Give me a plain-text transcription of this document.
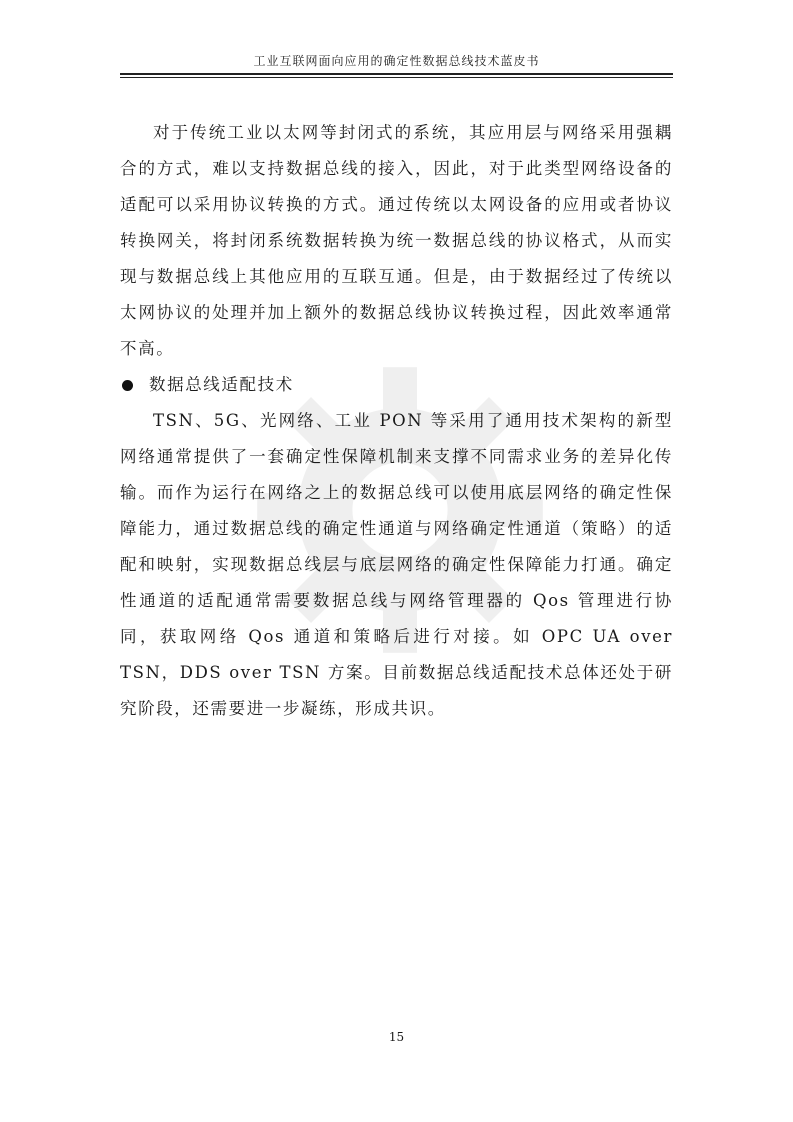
工业互联网面向应用的确定性数据总线技术蓝皮书

对于传统工业以太网等封闭式的系统，其应用层与网络采用强耦合的方式，难以支持数据总线的接入，因此，对于此类型网络设备的适配可以采用协议转换的方式。通过传统以太网设备的应用或者协议转换网关，将封闭系统数据转换为统一数据总线的协议格式，从而实现与数据总线上其他应用的互联互通。但是，由于数据经过了传统以太网协议的处理并加上额外的数据总线协议转换过程，因此效率通常不高。

数据总线适配技术

TSN、5G、光网络、工业 PON 等采用了通用技术架构的新型网络通常提供了一套确定性保障机制来支撑不同需求业务的差异化传输。而作为运行在网络之上的数据总线可以使用底层网络的确定性保障能力，通过数据总线的确定性通道与网络确定性通道（策略）的适配和映射，实现数据总线层与底层网络的确定性保障能力打通。确定性通道的适配通常需要数据总线与网络管理器的 Qos 管理进行协同，获取网络 Qos 通道和策略后进行对接。如 OPC UA over TSN，DDS over TSN 方案。目前数据总线适配技术总体还处于研究阶段，还需要进一步凝练，形成共识。

15
